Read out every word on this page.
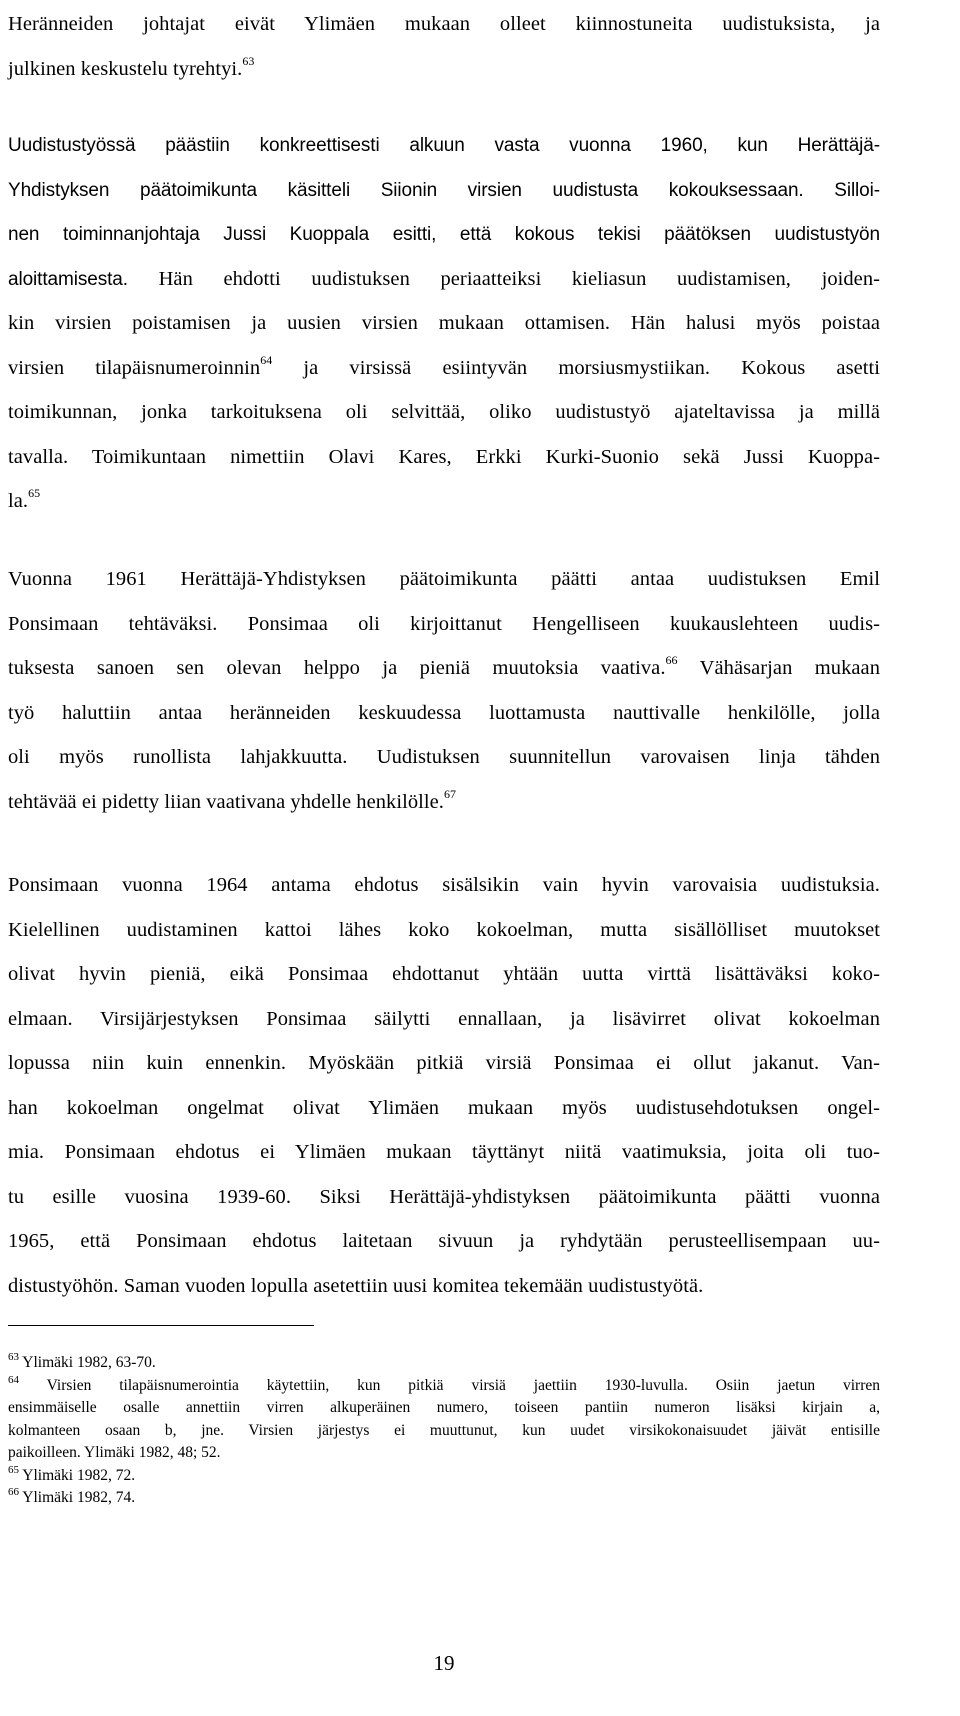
Heränneiden johtajat eivät Ylimäen mukaan olleet kiinnostuneita uudistuksista, ja
julkinen keskustelu tyrehtyi.$^{63}$
Uudistustyössä päästiin konkreettisesti alkuun vasta vuonna 1960, kun Herättäjä-
Yhdistyksen päätoimikunta käsitteli Siionin virsien uudistusta kokouksessaan. Silloi-
nen toiminnanjohtaja Jussi Kuoppala esitti, että kokous tekisi päätöksen uudistustyön
aloittamisesta. Hän ehdotti uudistuksen periaatteiksi kieliasun uudistamisen, joiden-
kin virsien poistamisen ja uusien virsien mukaan ottamisen. Hän halusi myös poistaa
virsien tilapäisnumeroinnin$^{64}$ ja virsissä esiintyvän morsiusmystiikan. Kokous asetti
toimikunnan, jonka tarkoituksena oli selvittää, oliko uudistustyö ajateltavissa ja millä
tavalla. Toimikuntaan nimettiin Olavi Kares, Erkki Kurki-Suonio sekä Jussi Kuoppa-
la.$^{65}$
Vuonna 1961 Herättäjä-Yhdistyksen päätoimikunta päätti antaa uudistuksen Emil
Ponsimaan tehtäväksi. Ponsimaa oli kirjoittanut Hengelliseen kuukauslehteen uudis-
tuksesta sanoen sen olevan helppo ja pieniä muutoksia vaativa.$^{66}$ Vähäsarjan mukaan
työ haluttiin antaa heränneiden keskuudessa luottamusta nauttivalle henkilölle, jolla
oli myös runollista lahjakkuutta. Uudistuksen suunnitellun varovaisen linja tähden
tehtävää ei pidetty liian vaativana yhdelle henkilölle.$^{67}$
Ponsimaan vuonna 1964 antama ehdotus sisälsikin vain hyvin varovaisia uudistuksia.
Kielellinen uudistaminen kattoi lähes koko kokoelman, mutta sisällölliset muutokset
olivat hyvin pieniä, eikä Ponsimaa ehdottanut yhtään uutta virttä lisättäväksi koko-
elmaan. Virsijärjestyksen Ponsimaa säilytti ennallaan, ja lisävirret olivat kokoelman
lopussa niin kuin ennenkin. Myöskään pitkiä virsiä Ponsimaa ei ollut jakanut. Van-
han kokoelman ongelmat olivat Ylimäen mukaan myös uudistusehdotuksen ongel-
mia. Ponsimaan ehdotus ei Ylimäen mukaan täyttänyt niitä vaatimuksia, joita oli tuo-
tu esille vuosina 1939-60. Siksi Herättäjä-yhdistyksen päätoimikunta päätti vuonna
1965, että Ponsimaan ehdotus laitetaan sivuun ja ryhdytään perusteellisempaan uu-
distustyöhön. Saman vuoden lopulla asetettiin uusi komitea tekemään uudistustyötä.
$^{63}$ Ylimäki 1982, 63-70.
$^{64}$ Virsien tilapäisnumerointia käytettiin, kun pitkiä virsiä jaettiin 1930-luvulla. Osiin jaetun virren
ensimmäiselle osalle annettiin virren alkuperäinen numero, toiseen pantiin numeron lisäksi kirjain a,
kolmanteen osaan b, jne. Virsien järjestys ei muuttunut, kun uudet virsikokonaisuudet jäivät entisille
paikoilleen. Ylimäki 1982, 48; 52.
$^{65}$ Ylimäki 1982, 72.
$^{66}$ Ylimäki 1982, 74.
19
